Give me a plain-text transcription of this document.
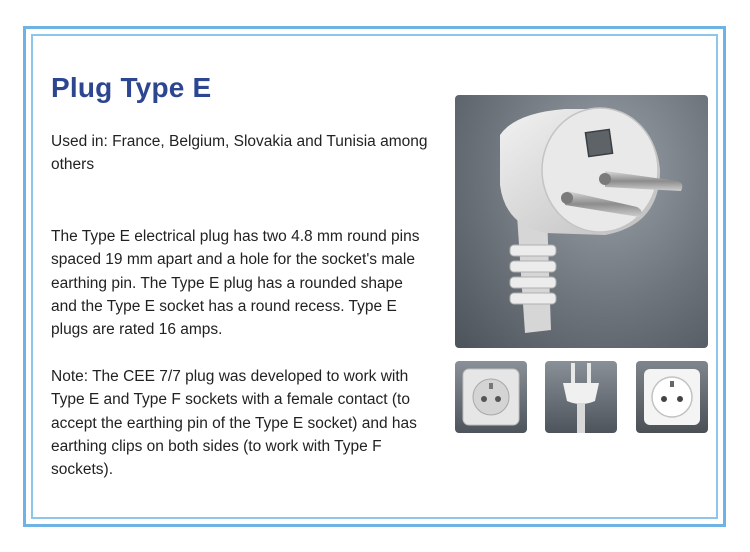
Plug Type E

Used in: France, Belgium, Slovakia and Tunisia among others

The Type E electrical plug has two 4.8 mm round pins spaced 19 mm apart and a hole for the socket's male earthing pin. The Type E plug has a rounded shape and the Type E socket has a round recess. Type E plugs are rated 16 amps.

Note: The CEE 7/7 plug was developed to work with Type E and Type F sockets with a female contact (to accept the earthing pin of the Type E socket) and has earthing clips on both sides (to work with Type F sockets).
